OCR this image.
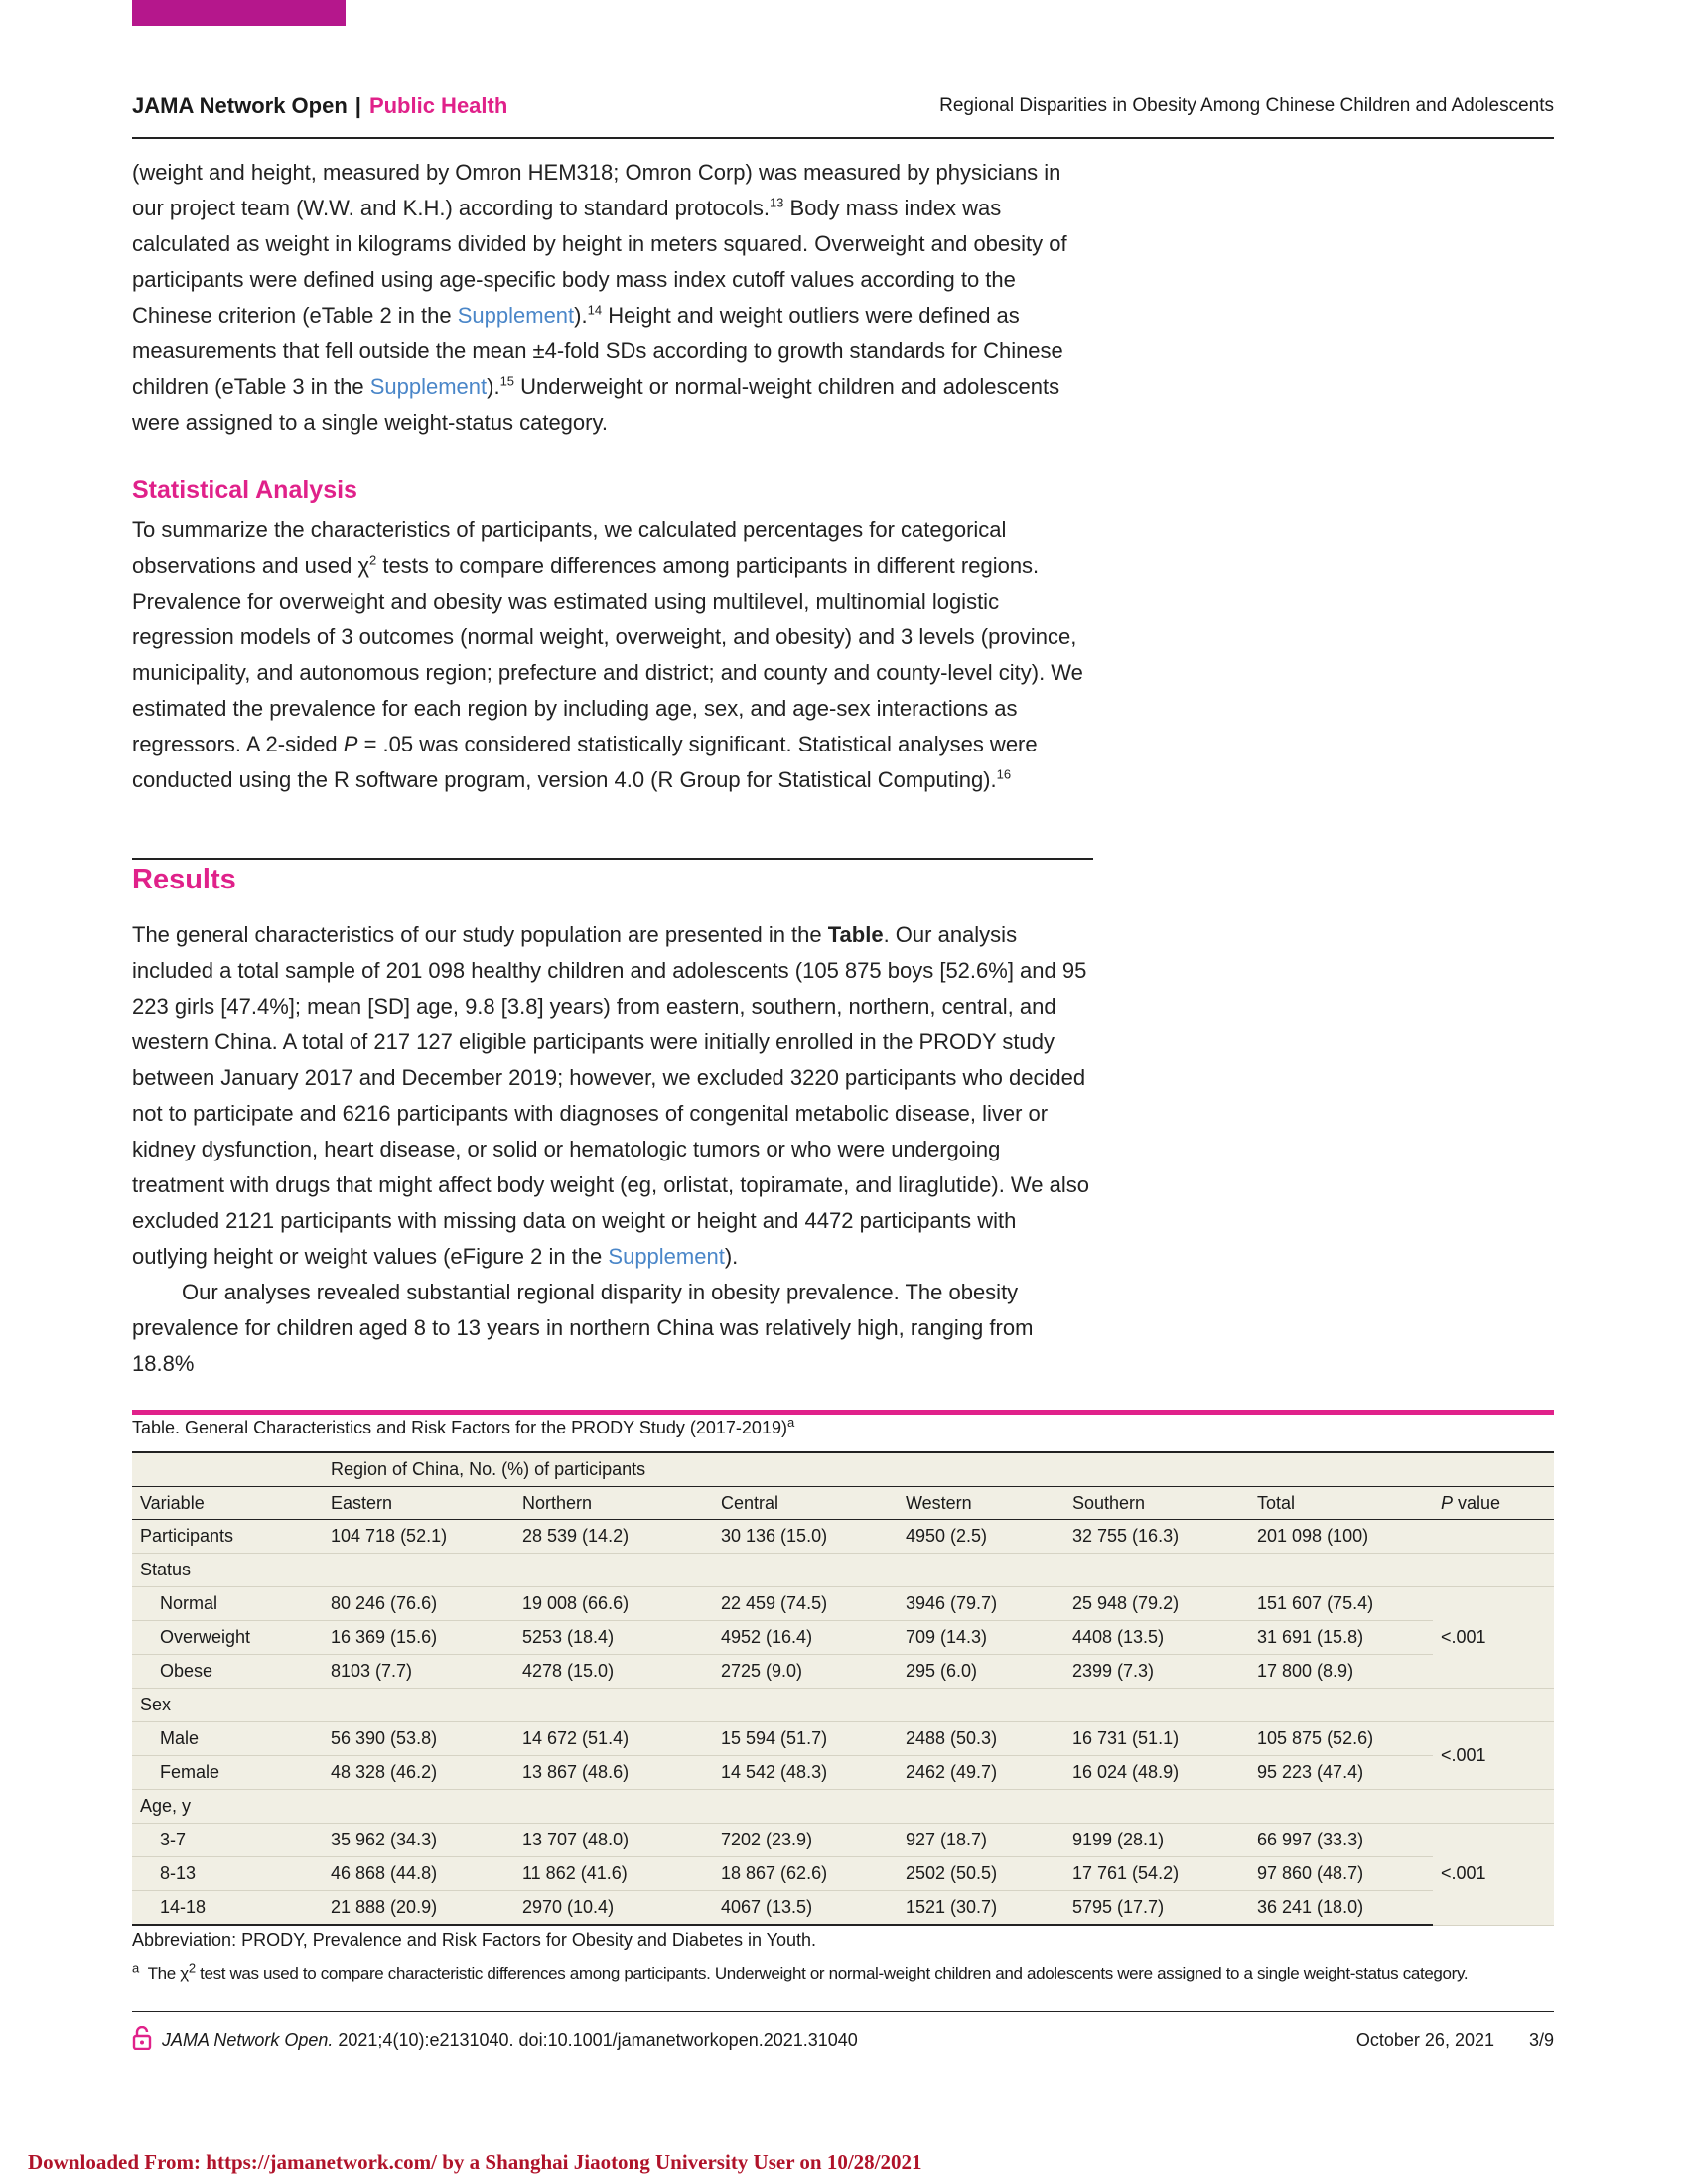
JAMA Network Open | Public Health	Regional Disparities in Obesity Among Chinese Children and Adolescents

(weight and height, measured by Omron HEM318; Omron Corp) was measured by physicians in our project team (W.W. and K.H.) according to standard protocols.$^{13}$ Body mass index was calculated as weight in kilograms divided by height in meters squared. Overweight and obesity of participants were defined using age-specific body mass index cutoff values according to the Chinese criterion (eTable 2 in the Supplement).$^{14}$ Height and weight outliers were defined as measurements that fell outside the mean ±4-fold SDs according to growth standards for Chinese children (eTable 3 in the Supplement).$^{15}$ Underweight or normal-weight children and adolescents were assigned to a single weight-status category.

Statistical Analysis

To summarize the characteristics of participants, we calculated percentages for categorical observations and used $\chi^2$ tests to compare differences among participants in different regions. Prevalence for overweight and obesity was estimated using multilevel, multinomial logistic regression models of 3 outcomes (normal weight, overweight, and obesity) and 3 levels (province, municipality, and autonomous region; prefecture and district; and county and county-level city). We estimated the prevalence for each region by including age, sex, and age-sex interactions as regressors. A 2-sided P = .05 was considered statistically significant. Statistical analyses were conducted using the R software program, version 4.0 (R Group for Statistical Computing).$^{16}$

Results

The general characteristics of our study population are presented in the Table. Our analysis included a total sample of 201 098 healthy children and adolescents (105 875 boys [52.6%] and 95 223 girls [47.4%]; mean [SD] age, 9.8 [3.8] years) from eastern, southern, northern, central, and western China. A total of 217 127 eligible participants were initially enrolled in the PRODY study between January 2017 and December 2019; however, we excluded 3220 participants who decided not to participate and 6216 participants with diagnoses of congenital metabolic disease, liver or kidney dysfunction, heart disease, or solid or hematologic tumors or who were undergoing treatment with drugs that might affect body weight (eg, orlistat, topiramate, and liraglutide). We also excluded 2121 participants with missing data on weight or height and 4472 participants with outlying height or weight values (eFigure 2 in the Supplement).

Our analyses revealed substantial regional disparity in obesity prevalence. The obesity prevalence for children aged 8 to 13 years in northern China was relatively high, ranging from 18.8%

Table. General Characteristics and Risk Factors for the PRODY Study (2017-2019)$^a$
	Region of China, No. (%) of participants						
Variable	Eastern	Northern	Central	Western	Southern	Total	P value
Participants	104 718 (52.1)	28 539 (14.2)	30 136 (15.0)	4950 (2.5)	32 755 (16.3)	201 098 (100)	
Status							
Normal	80 246 (76.6)	19 008 (66.6)	22 459 (74.5)	3946 (79.7)	25 948 (79.2)	151 607 (75.4)	<.001
Overweight	16 369 (15.6)	5253 (18.4)	4952 (16.4)	709 (14.3)	4408 (13.5)	31 691 (15.8)	
Obese	8103 (7.7)	4278 (15.0)	2725 (9.0)	295 (6.0)	2399 (7.3)	17 800 (8.9)	
Sex							
Male	56 390 (53.8)	14 672 (51.4)	15 594 (51.7)	2488 (50.3)	16 731 (51.1)	105 875 (52.6)	<.001
Female	48 328 (46.2)	13 867 (48.6)	14 542 (48.3)	2462 (49.7)	16 024 (48.9)	95 223 (47.4)	
Age, y							
3-7	35 962 (34.3)	13 707 (48.0)	7202 (23.9)	927 (18.7)	9199 (28.1)	66 997 (33.3)	<.001
8-13	46 868 (44.8)	11 862 (41.6)	18 867 (62.6)	2502 (50.5)	17 761 (54.2)	97 860 (48.7)	
14-18	21 888 (20.9)	2970 (10.4)	4067 (13.5)	1521 (30.7)	5795 (17.7)	36 241 (18.0)	
Abbreviation: PRODY, Prevalence and Risk Factors for Obesity and Diabetes in Youth.
$^a$ The $\chi^2$ test was used to compare characteristic differences among participants. Underweight or normal-weight children and adolescents were assigned to a single weight-status category.
JAMA Network Open. 2021;4(10):e2131040. doi:10.1001/jamanetworkopen.2021.31040	October 26, 2021 3/9
Downloaded From: https://jamanetwork.com/ by a Shanghai Jiaotong University User on 10/28/2021
